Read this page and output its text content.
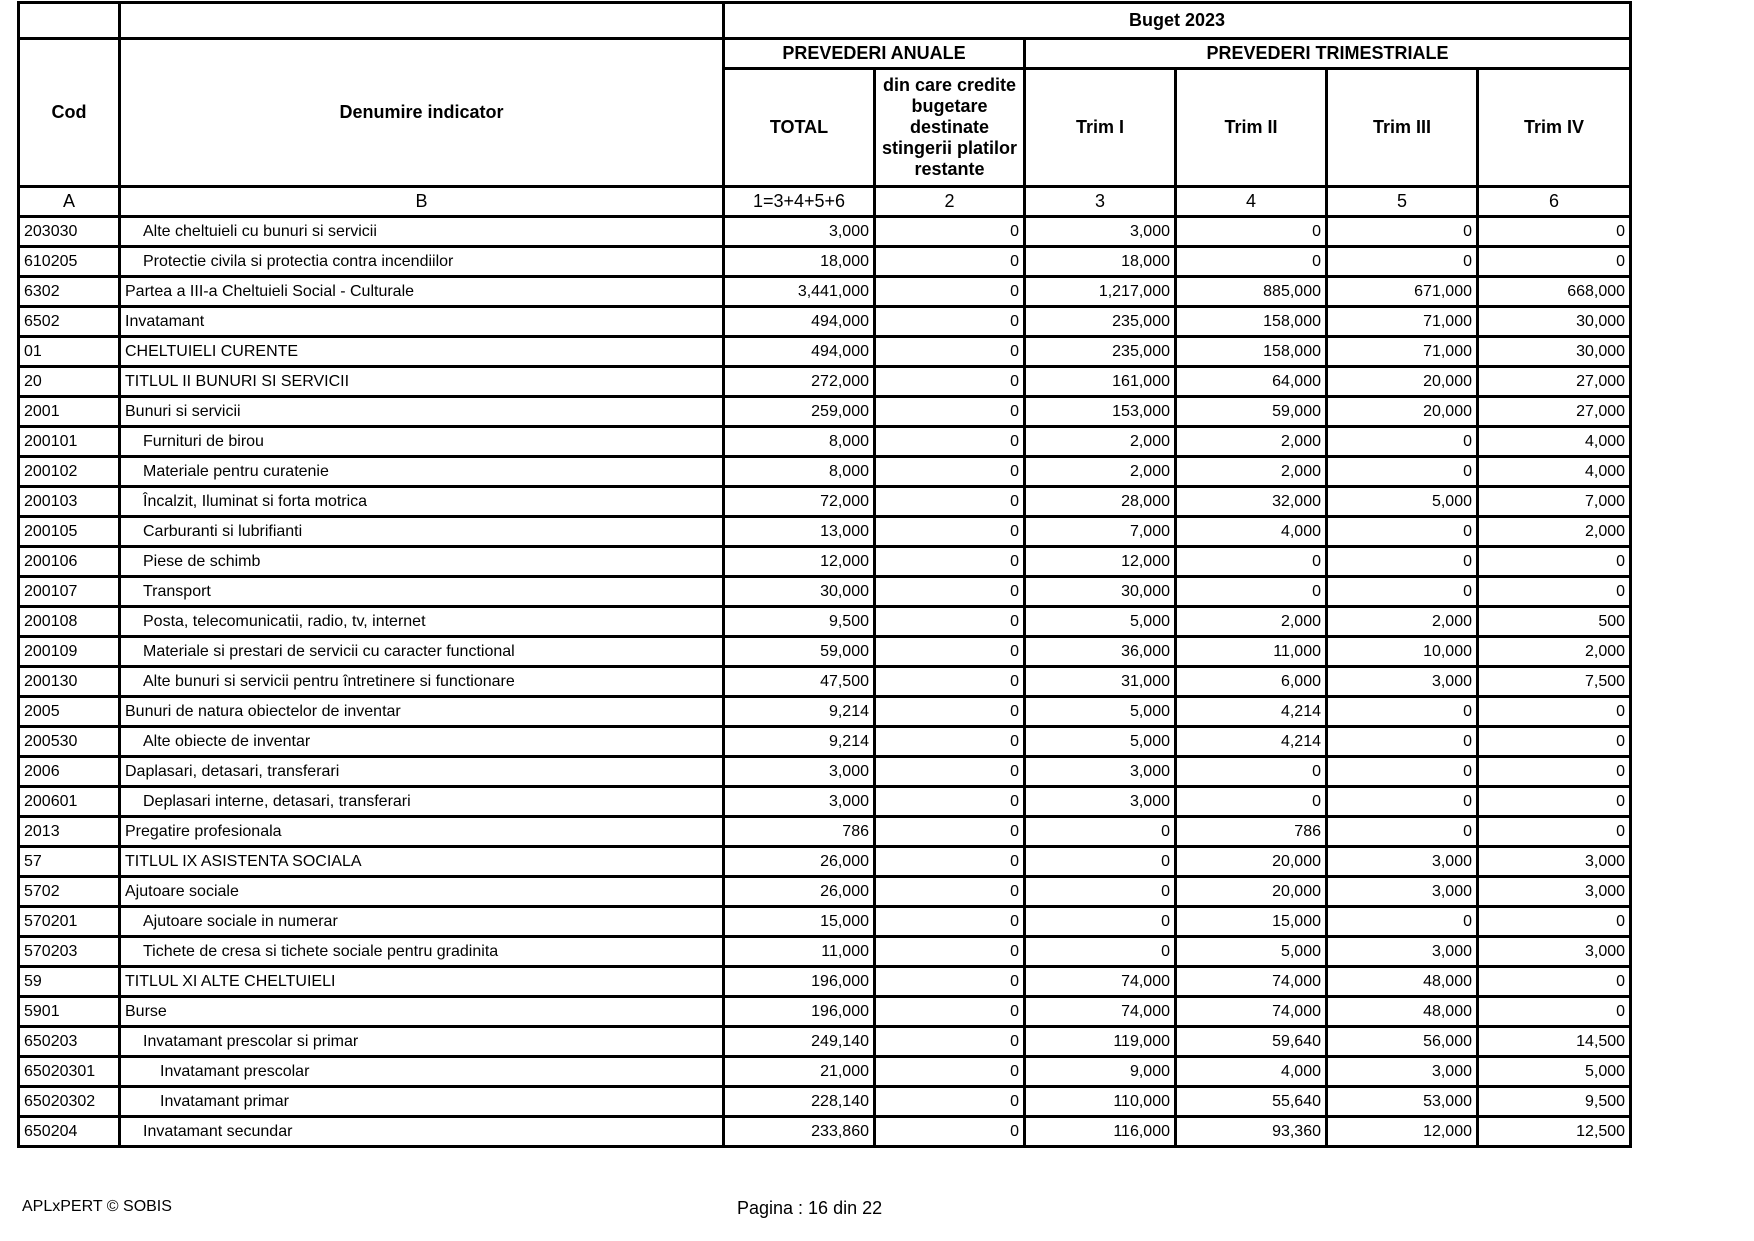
		Buget 2023					
Cod	Denumire indicator	PREVEDERI ANUALE		PREVEDERI TRIMESTRIALE			
		TOTAL	din care credite bugetare destinate stingerii platilor restante	Trim I	Trim II	Trim III	Trim IV
A	B	1=3+4+5+6	2	3	4	5	6
203030	Alte cheltuieli cu bunuri si servicii	3,000	0	3,000	0	0	0
610205	Protectie civila si protectia contra incendiilor	18,000	0	18,000	0	0	0
6302	Partea a III-a Cheltuieli Social - Culturale	3,441,000	0	1,217,000	885,000	671,000	668,000
6502	Invatamant	494,000	0	235,000	158,000	71,000	30,000
01	CHELTUIELI CURENTE	494,000	0	235,000	158,000	71,000	30,000
20	TITLUL II BUNURI SI SERVICII	272,000	0	161,000	64,000	20,000	27,000
2001	Bunuri si servicii	259,000	0	153,000	59,000	20,000	27,000
200101	Furnituri de birou	8,000	0	2,000	2,000	0	4,000
200102	Materiale pentru curatenie	8,000	0	2,000	2,000	0	4,000
200103	Încalzit, Iluminat si forta motrica	72,000	0	28,000	32,000	5,000	7,000
200105	Carburanti si lubrifianti	13,000	0	7,000	4,000	0	2,000
200106	Piese de schimb	12,000	0	12,000	0	0	0
200107	Transport	30,000	0	30,000	0	0	0
200108	Posta, telecomunicatii, radio, tv, internet	9,500	0	5,000	2,000	2,000	500
200109	Materiale si prestari de servicii cu caracter functional	59,000	0	36,000	11,000	10,000	2,000
200130	Alte bunuri si servicii pentru întretinere si functionare	47,500	0	31,000	6,000	3,000	7,500
2005	Bunuri de natura obiectelor de inventar	9,214	0	5,000	4,214	0	0
200530	Alte obiecte de inventar	9,214	0	5,000	4,214	0	0
2006	Daplasari, detasari, transferari	3,000	0	3,000	0	0	0
200601	Deplasari interne, detasari, transferari	3,000	0	3,000	0	0	0
2013	Pregatire profesionala	786	0	0	786	0	0
57	TITLUL IX ASISTENTA SOCIALA	26,000	0	0	20,000	3,000	3,000
5702	Ajutoare sociale	26,000	0	0	20,000	3,000	3,000
570201	Ajutoare sociale in numerar	15,000	0	0	15,000	0	0
570203	Tichete de cresa si tichete sociale pentru gradinita	11,000	0	0	5,000	3,000	3,000
59	TITLUL XI ALTE CHELTUIELI	196,000	0	74,000	74,000	48,000	0
5901	Burse	196,000	0	74,000	74,000	48,000	0
650203	Invatamant prescolar si primar	249,140	0	119,000	59,640	56,000	14,500
65020301	Invatamant prescolar	21,000	0	9,000	4,000	3,000	5,000
65020302	Invatamant primar	228,140	0	110,000	55,640	53,000	9,500
650204	Invatamant secundar	233,860	0	116,000	93,360	12,000	12,500
APLxPERT © SOBIS	Pagina : 16 din 22
